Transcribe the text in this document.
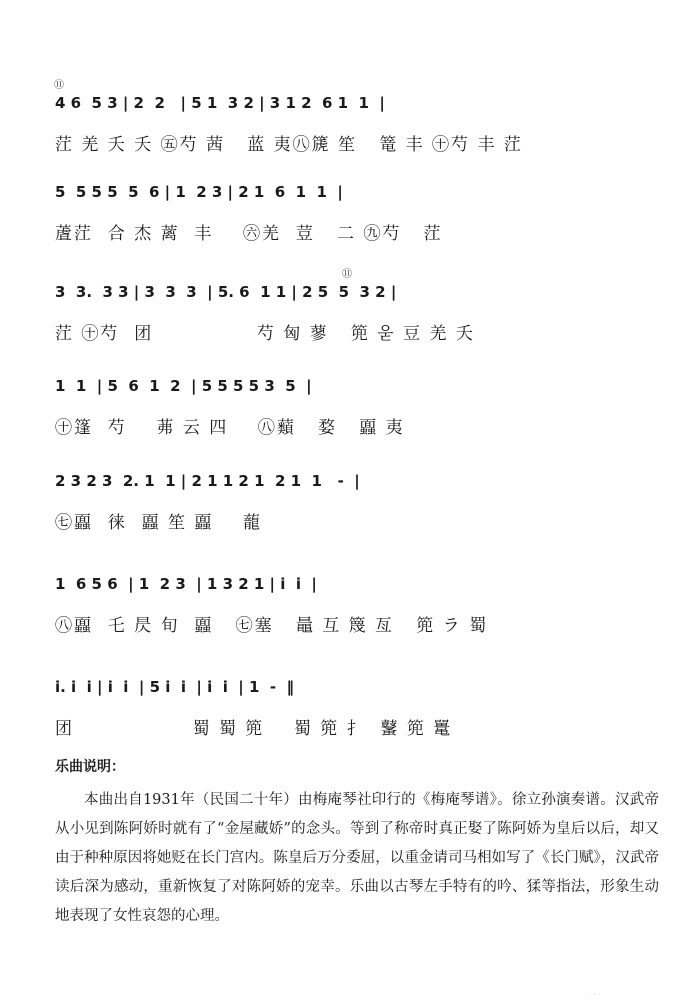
⑪
4 6  5 3 | 2  2   | 5 1  3 2 | 3 1 2  6 1  1  |
茳 羌 夭 夭 ㊄芍 茜   蓝 夷㊇篪 笙   篭 丰 ㊉芍 丰 茳
5  5 5 5  5  6 | 1  2 3 | 2 1  6  1  1  |
蔖茳  合 杰 蓠  丰    ㊅羌  荳   二 ㊈芍   茳
⑪
3  3.  3 3 | 3  3  3  | 5. 6  1 1 | 2 5  5  3 2 |
茳 ㊉芍  团              芍 匈 蓼   篼 욷 豆 羌 夭
1  1  | 5  6  1  2  | 5 5 5 5 3  5  |
㊉篷  芍    茀 云 四    ㊇蘱   婺   蠠 夷
2 3 2 3  2. 1  1 | 2 1 1 2 1  2 1  1   -  |
㊆蠠  徕  蠠 笙 蠠    蘢
1  6 5 6  | 1  2 3  | 1 3 2 1 | i  i  |
㊇蠠  乇 昃 旬  蠠   ㊆塞   鼂 互 篾 亙   篼 ラ 蜀
i. i  i | i  i  | 5 i  i  | i  i  | 1  -  ‖
团                蜀 蜀 篼    蜀 篼 扌  鼜 篼 鼍
乐曲说明：

本曲出自1931年（民国二十年）由梅庵琴社印行的《梅庵琴谱》。徐立孙演奏谱。汉武帝从小见到陈阿娇时就有了“金屋藏娇”的念头。等到了称帝时真正娶了陈阿娇为皇后以后，却又由于种种原因将她贬在长门宫内。陈皇后万分委屈，以重金请司马相如写了《长门赋》，汉武帝读后深为感动，重新恢复了对陈阿娇的宠幸。乐曲以古琴左手特有的吟、猱等指法，形象生动地表现了女性哀怨的心理。

· · ·
